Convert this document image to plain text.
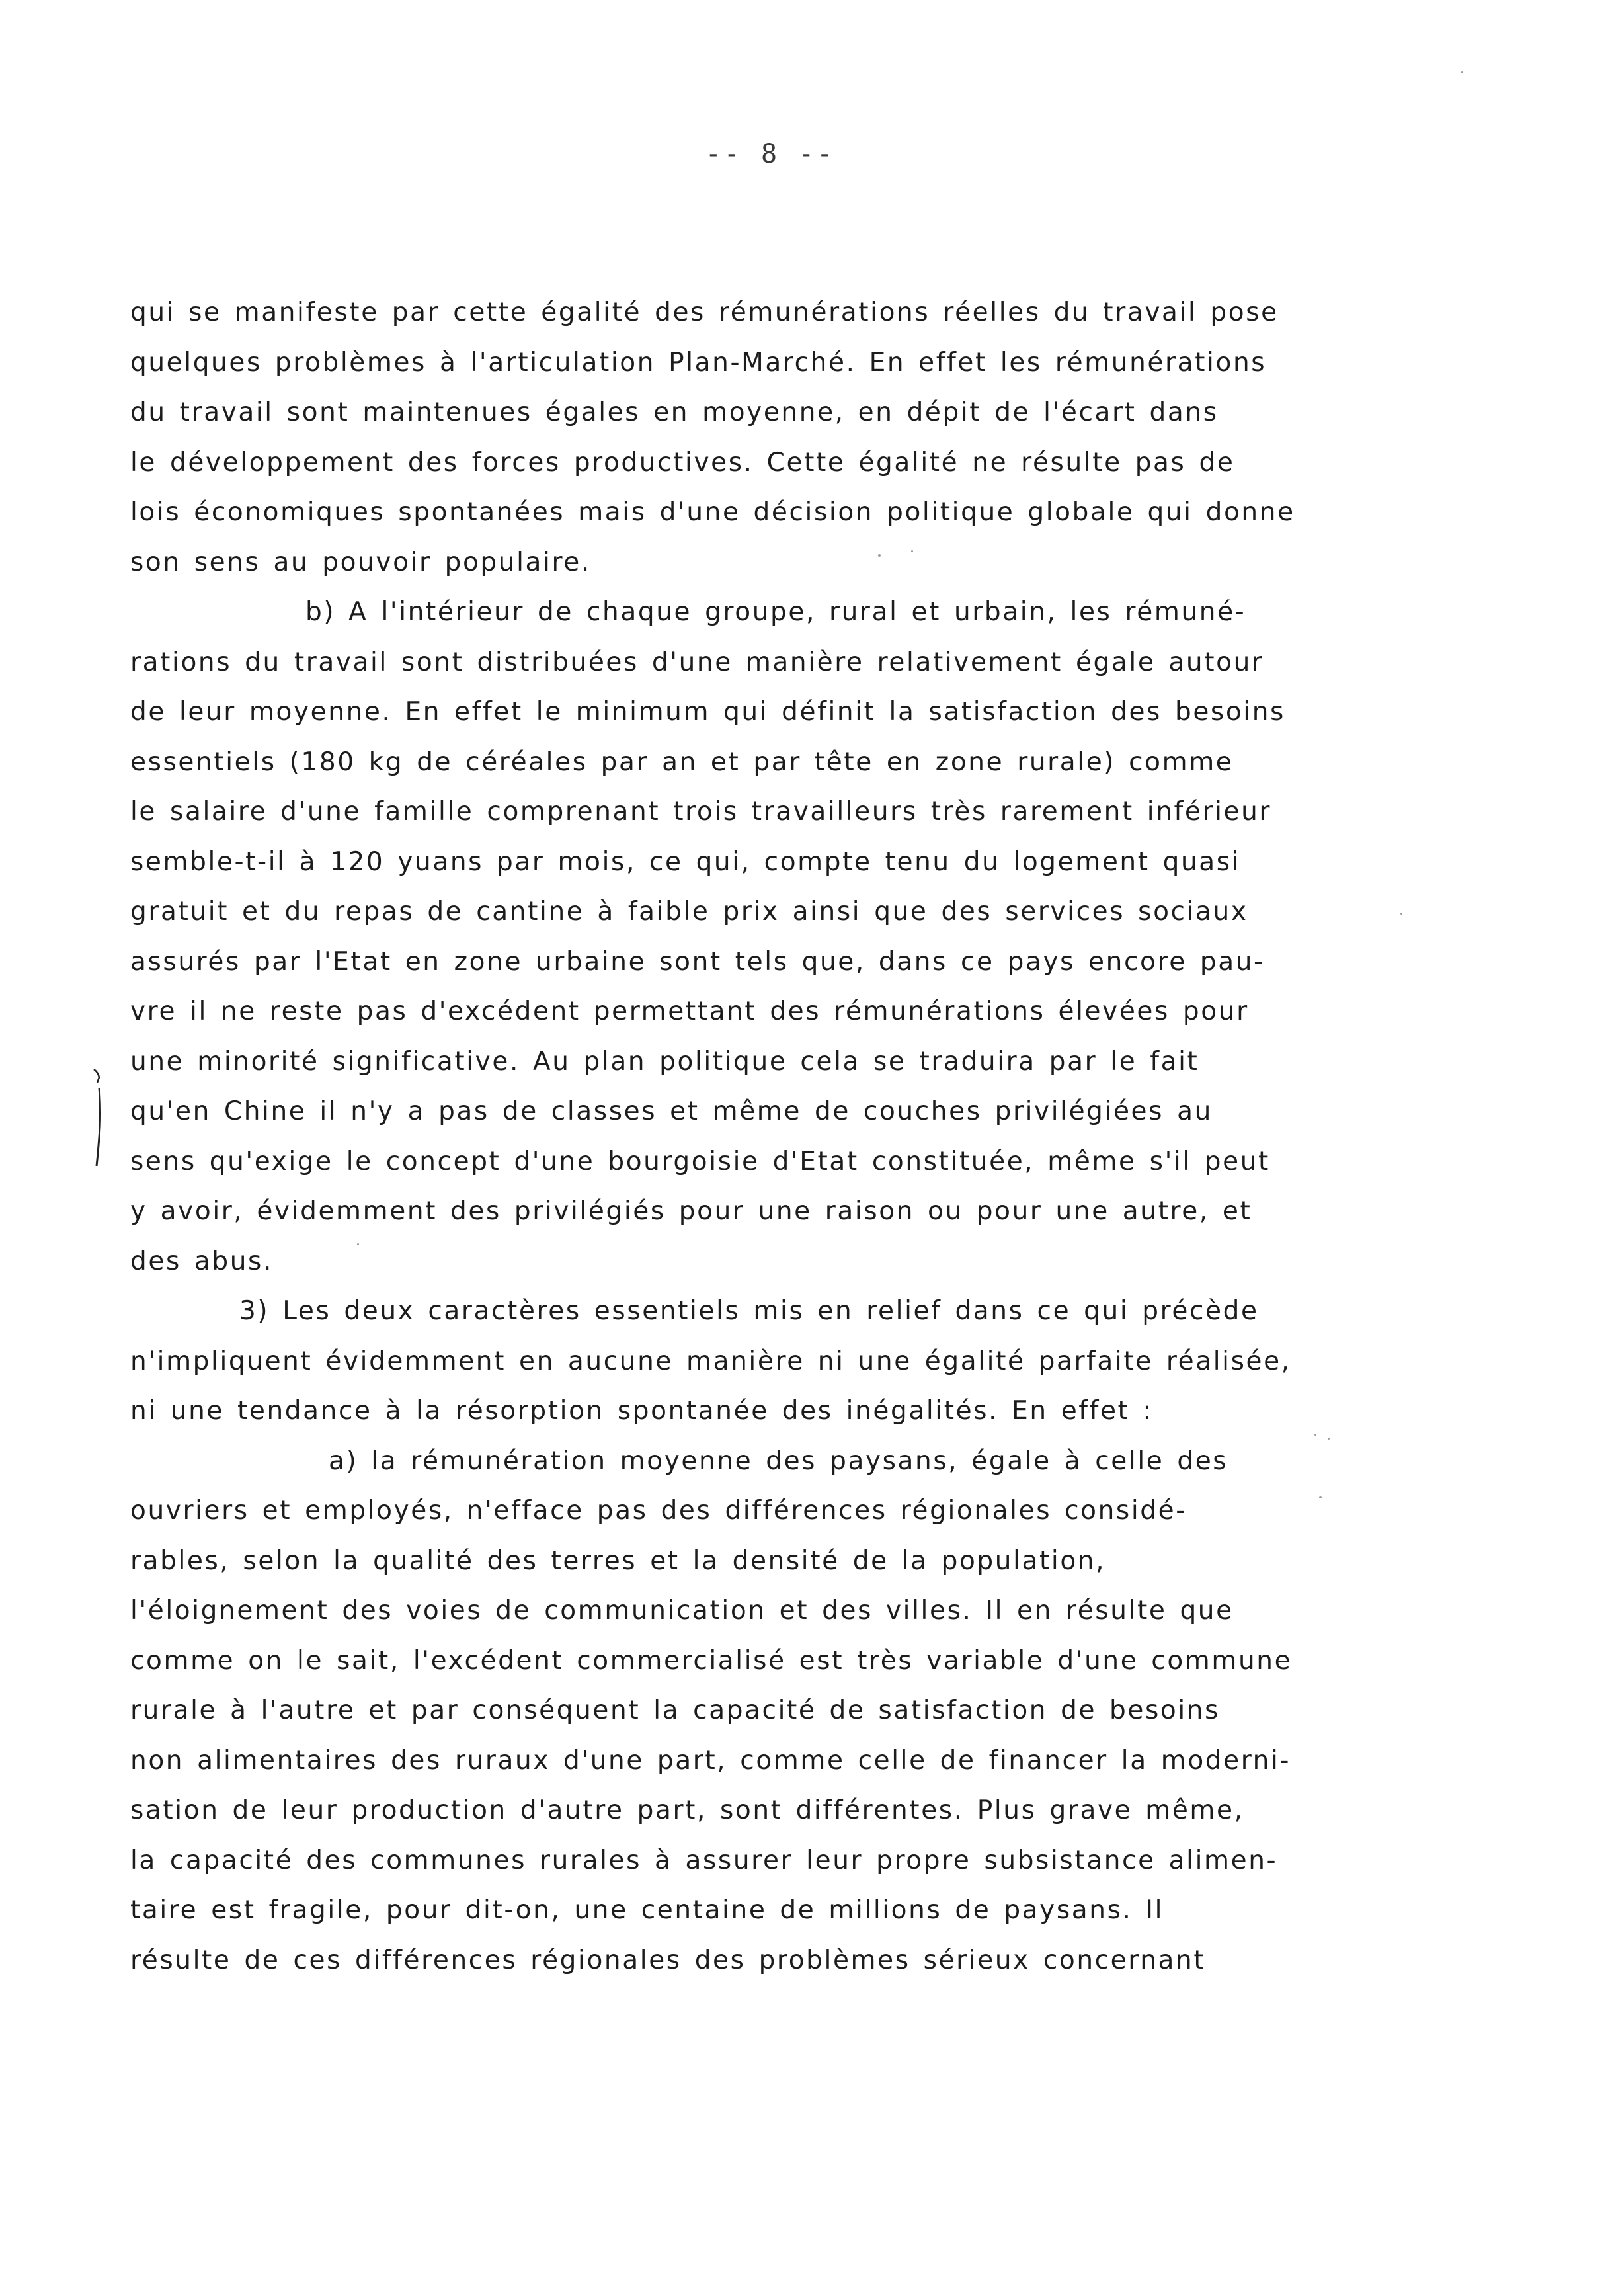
-- 8 --
qui se manifeste par cette égalité des rémunérations réelles du travail pose
quelques problèmes à l'articulation Plan-Marché. En effet les rémunérations
du travail sont maintenues égales en moyenne, en dépit de l'écart dans
le développement des forces productives. Cette égalité ne résulte pas de
lois économiques spontanées mais d'une décision politique globale qui donne
son sens au pouvoir populaire.
b) A l'intérieur de chaque groupe, rural et urbain, les rémuné-
rations du travail sont distribuées d'une manière relativement égale autour
de leur moyenne. En effet le minimum qui définit la satisfaction des besoins
essentiels (180 kg de céréales par an et par tête en zone rurale) comme
le salaire d'une famille comprenant trois travailleurs très rarement inférieur
semble-t-il à 120 yuans par mois, ce qui, compte tenu du logement quasi
gratuit et du repas de cantine à faible prix ainsi que des services sociaux
assurés par l'Etat en zone urbaine sont tels que, dans ce pays encore pau-
vre il ne reste pas d'excédent permettant des rémunérations élevées pour
une minorité significative. Au plan politique cela se traduira par le fait
qu'en Chine il n'y a pas de classes et même de couches privilégiées au
sens qu'exige le concept d'une bourgoisie d'Etat constituée, même s'il peut
y avoir, évidemment des privilégiés pour une raison ou pour une autre, et
des abus.
3) Les deux caractères essentiels mis en relief dans ce qui précède
n'impliquent évidemment en aucune manière ni une égalité parfaite réalisée,
ni une tendance à la résorption spontanée des inégalités. En effet :
a) la rémunération moyenne des paysans, égale à celle des
ouvriers et employés, n'efface pas des différences régionales considé-
rables, selon la qualité des terres et la densité de la population,
l'éloignement des voies de communication et des villes. Il en résulte que
comme on le sait, l'excédent commercialisé est très variable d'une commune
rurale à l'autre et par conséquent la capacité de satisfaction de besoins
non alimentaires des ruraux d'une part, comme celle de financer la moderni-
sation de leur production d'autre part, sont différentes. Plus grave même,
la capacité des communes rurales à assurer leur propre subsistance alimen-
taire est fragile, pour dit-on, une centaine de millions de paysans. Il
résulte de ces différences régionales des problèmes sérieux concernant
